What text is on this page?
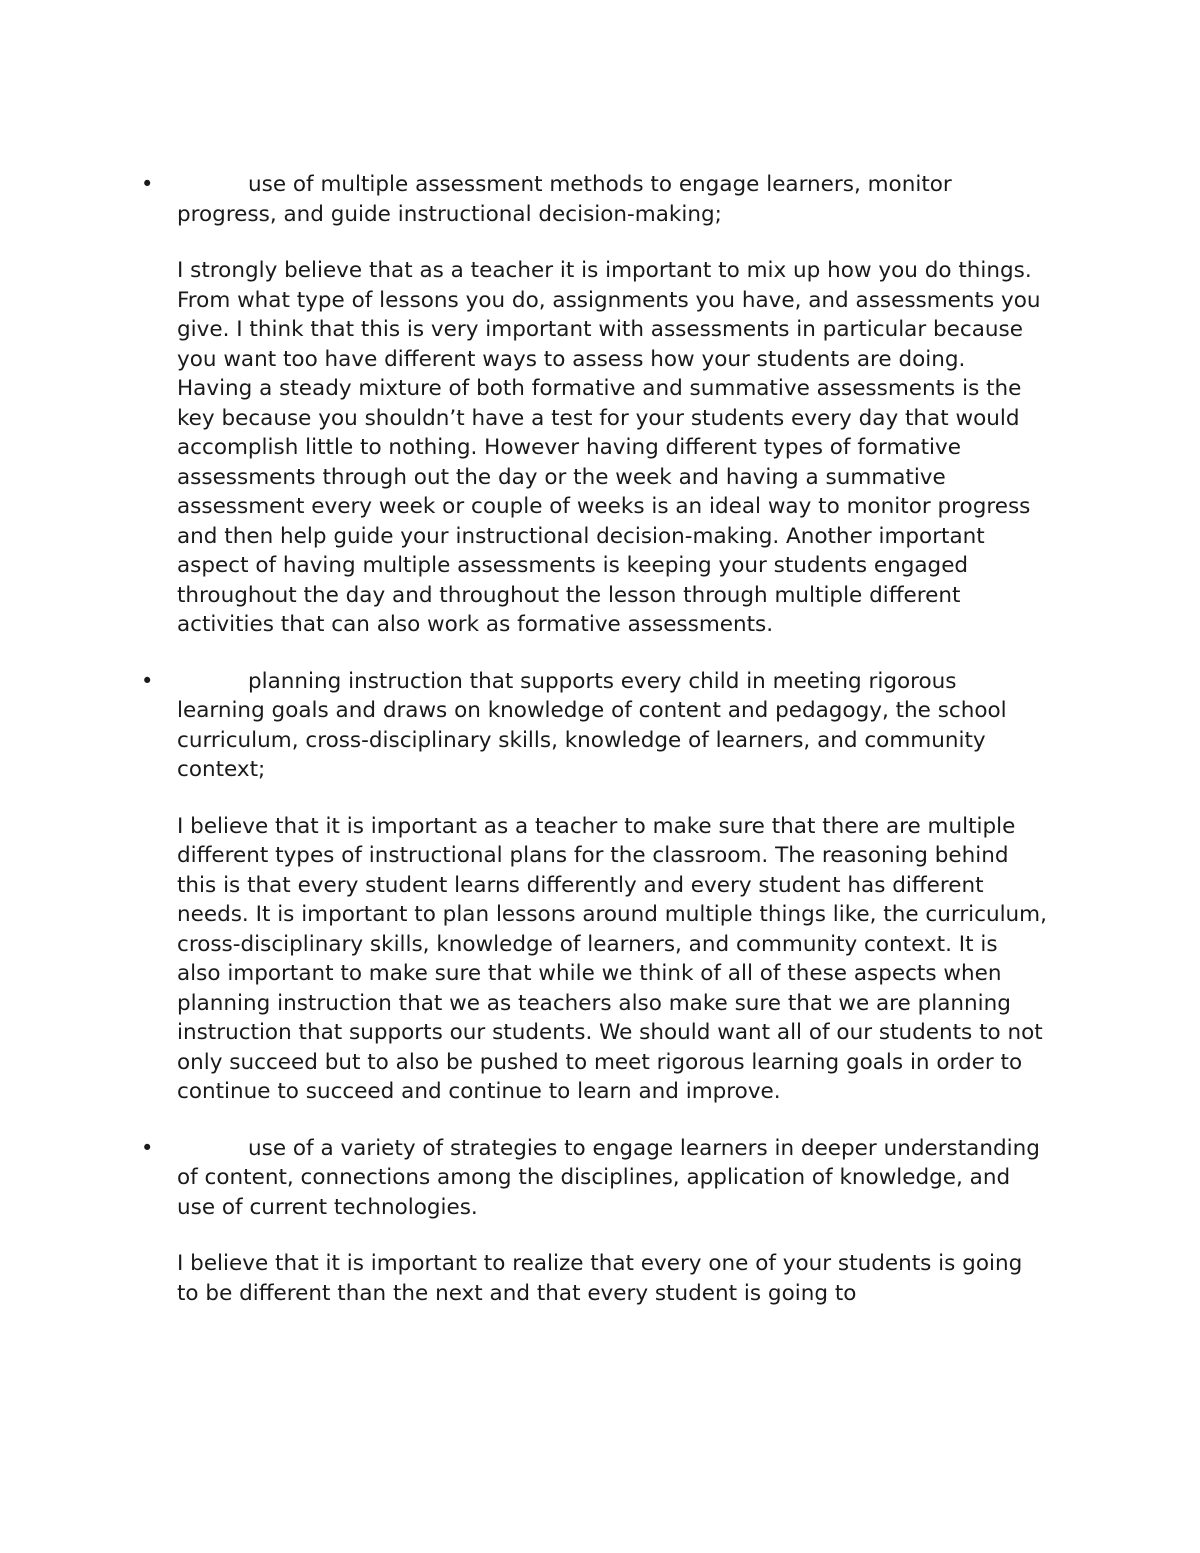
•	use of multiple assessment methods to engage learners, monitor progress, and guide instructional decision-making;

I strongly believe that as a teacher it is important to mix up how you do things. From what type of lessons you do, assignments you have, and assessments you give. I think that this is very important with assessments in particular because you want too have different ways to assess how your students are doing. Having a steady mixture of both formative and summative assessments is the key because you shouldn’t have a test for your students every day that would accomplish little to nothing. However having different types of formative assessments through out the day or the week and having a summative assessment every week or couple of weeks is an ideal way to monitor progress and then help guide your instructional decision-making. Another important aspect of having multiple assessments is keeping your students engaged throughout the day and throughout the lesson through multiple different activities that can also work as formative assessments.

•	planning instruction that supports every child in meeting rigorous learning goals and draws on knowledge of content and pedagogy, the school curriculum, cross-disciplinary skills, knowledge of learners, and community context;

I believe that it is important as a teacher to make sure that there are multiple different types of instructional plans for the classroom. The reasoning behind this is that every student learns differently and every student has different needs. It is important to plan lessons around multiple things like, the curriculum, cross-disciplinary skills, knowledge of learners, and community context. It is also important to make sure that while we think of all of these aspects when planning instruction that we as teachers also make sure that we are planning instruction that supports our students. We should want all of our students to not only succeed but to also be pushed to meet rigorous learning goals in order to continue to succeed and continue to learn and improve.

•	use of a variety of strategies to engage learners in deeper understanding of content, connections among the disciplines, application of knowledge, and use of current technologies.

I believe that it is important to realize that every one of your students is going to be different than the next and that every student is going to
